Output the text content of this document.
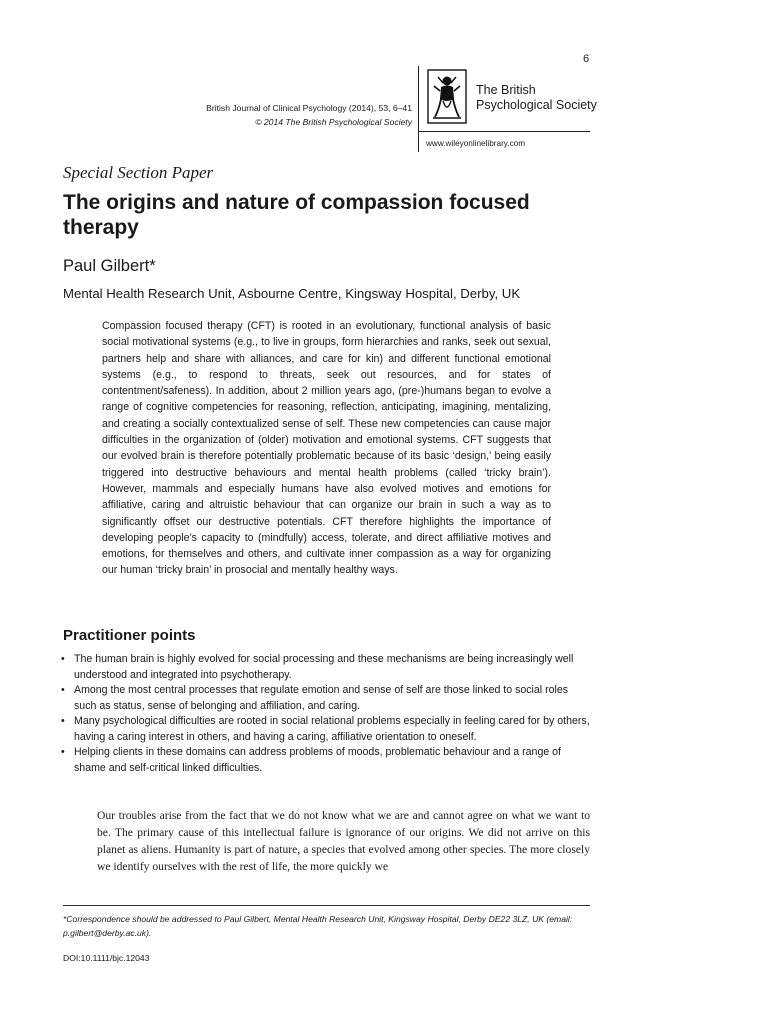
6
British Journal of Clinical Psychology (2014), 53, 6–41
© 2014 The British Psychological Society
The British
Psychological Society
www.wileyonlinelibrary.com
Special Section Paper
The origins and nature of compassion focused therapy
Paul Gilbert*
Mental Health Research Unit, Asbourne Centre, Kingsway Hospital, Derby, UK
Compassion focused therapy (CFT) is rooted in an evolutionary, functional analysis of basic social motivational systems (e.g., to live in groups, form hierarchies and ranks, seek out sexual, partners help and share with alliances, and care for kin) and different functional emotional systems (e.g., to respond to threats, seek out resources, and for states of contentment/safeness). In addition, about 2 million years ago, (pre-)humans began to evolve a range of cognitive competencies for reasoning, reflection, anticipating, imagining, mentalizing, and creating a socially contextualized sense of self. These new competencies can cause major difficulties in the organization of (older) motivation and emotional systems. CFT suggests that our evolved brain is therefore potentially problematic because of its basic ‘design,’ being easily triggered into destructive behaviours and mental health problems (called ‘tricky brain’). However, mammals and especially humans have also evolved motives and emotions for affiliative, caring and altruistic behaviour that can organize our brain in such a way as to significantly offset our destructive potentials. CFT therefore highlights the importance of developing people’s capacity to (mindfully) access, tolerate, and direct affiliative motives and emotions, for themselves and others, and cultivate inner compassion as a way for organizing our human ‘tricky brain’ in prosocial and mentally healthy ways.
Practitioner points
• The human brain is highly evolved for social processing and these mechanisms are being increasingly well understood and integrated into psychotherapy.
• Among the most central processes that regulate emotion and sense of self are those linked to social roles such as status, sense of belonging and affiliation, and caring.
• Many psychological difficulties are rooted in social relational problems especially in feeling cared for by others, having a caring interest in others, and having a caring, affiliative orientation to oneself.
• Helping clients in these domains can address problems of moods, problematic behaviour and a range of shame and self-critical linked difficulties.
Our troubles arise from the fact that we do not know what we are and cannot agree on what we want to be. The primary cause of this intellectual failure is ignorance of our origins. We did not arrive on this planet as aliens. Humanity is part of nature, a species that evolved among other species. The more closely we identify ourselves with the rest of life, the more quickly we
*Correspondence should be addressed to Paul Gilbert, Mental Health Research Unit, Kingsway Hospital, Derby DE22 3LZ, UK (email: p.gilbert@derby.ac.uk).
DOI:10.1111/bjc.12043
